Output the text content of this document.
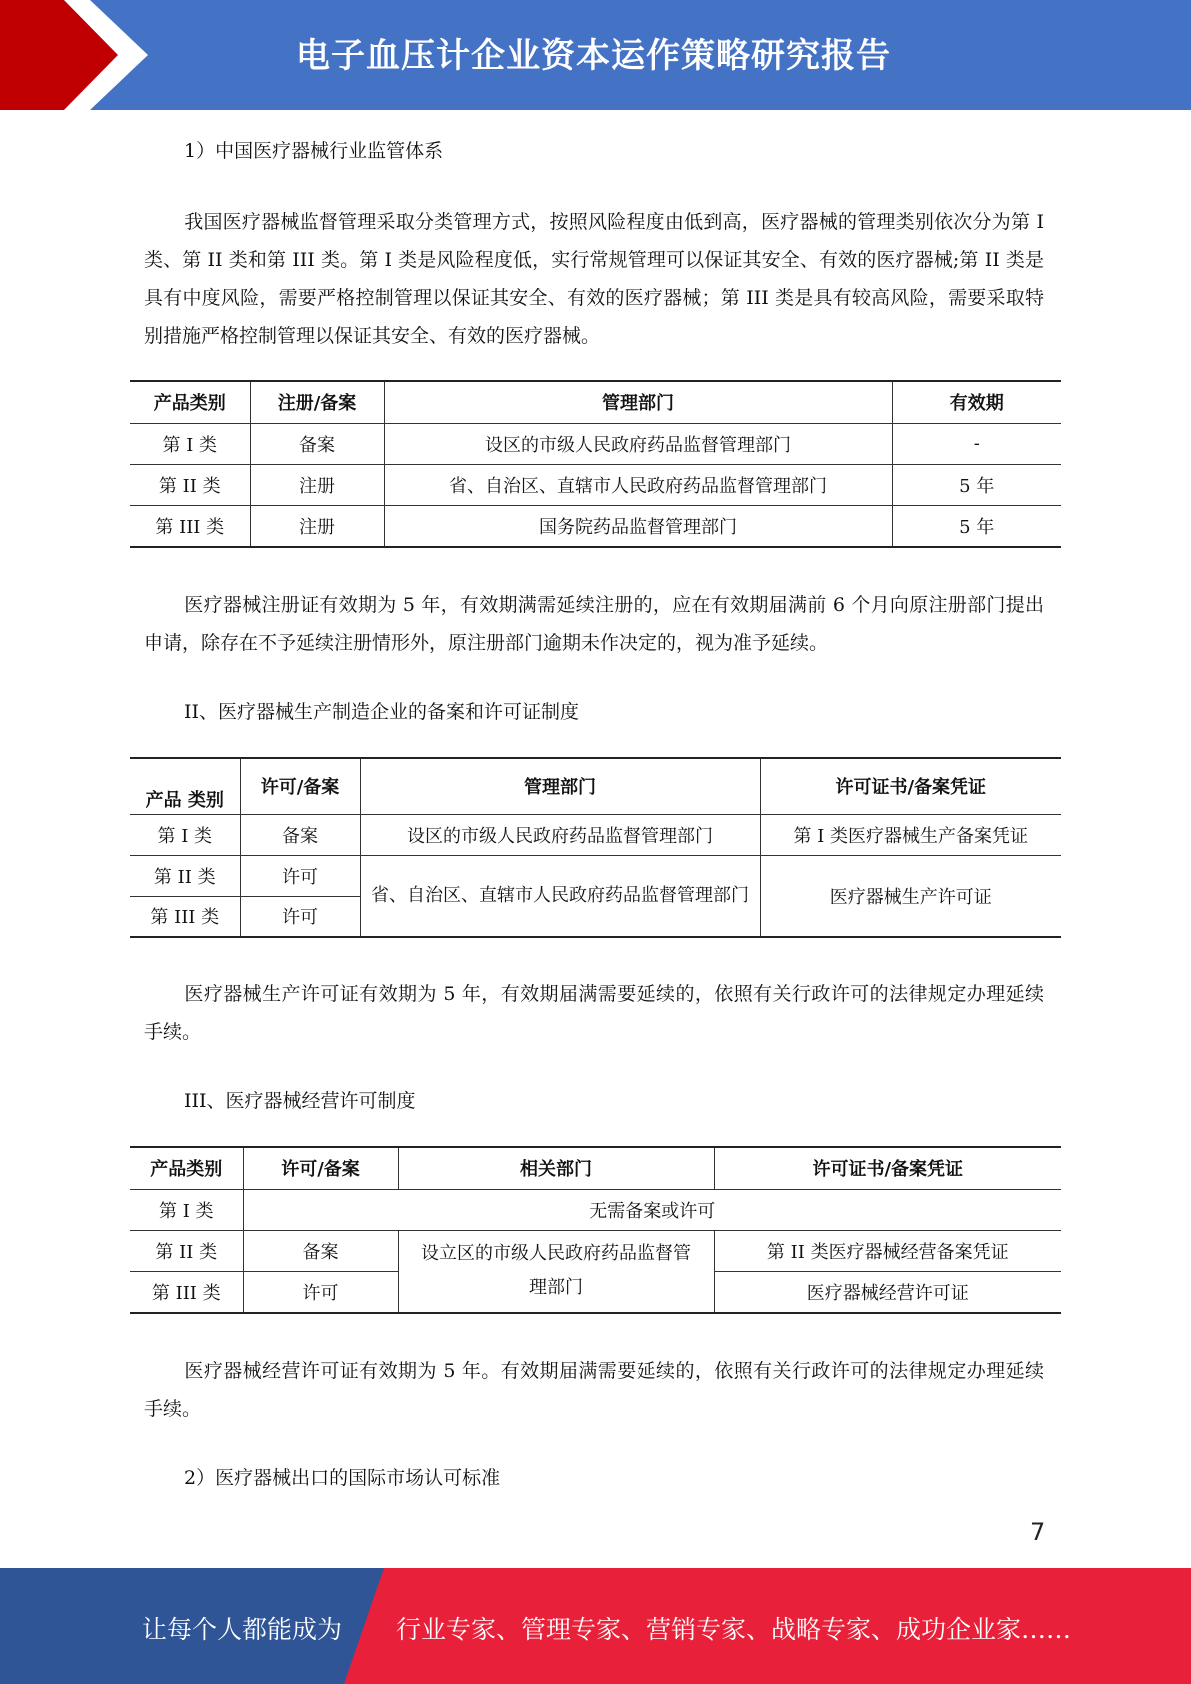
电子血压计企业资本运作策略研究报告
1）中国医疗器械行业监管体系
我国医疗器械监督管理采取分类管理方式，按照风险程度由低到高，医疗器械的管理类别依次分为第 I 类、第 II 类和第 III 类。第 I 类是风险程度低，实行常规管理可以保证其安全、有效的医疗器械;第 II 类是具有中度风险，需要严格控制管理以保证其安全、有效的医疗器械；第 III 类是具有较高风险，需要采取特别措施严格控制管理以保证其安全、有效的医疗器械。
产品类别	注册/备案	管理部门	有效期
第 I 类	备案	设区的市级人民政府药品监督管理部门	-
第 II 类	注册	省、自治区、直辖市人民政府药品监督管理部门	5 年
第 III 类	注册	国务院药品监督管理部门	5 年
医疗器械注册证有效期为 5 年，有效期满需延续注册的，应在有效期届满前 6 个月向原注册部门提出申请，除存在不予延续注册情形外，原注册部门逾期未作决定的，视为准予延续。
II、医疗器械生产制造企业的备案和许可证制度
产品 类别	许可/备案	管理部门	许可证书/备案凭证
第 I 类	备案	设区的市级人民政府药品监督管理部门	第 I 类医疗器械生产备案凭证
第 II 类	许可	省、自治区、直辖市人民政府药品监督管理部门	医疗器械生产许可证
第 III 类	许可		
医疗器械生产许可证有效期为 5 年，有效期届满需要延续的，依照有关行政许可的法律规定办理延续手续。
III、医疗器械经营许可制度
产品类别	许可/备案	相关部门	许可证书/备案凭证
第 I 类	无需备案或许可		
第 II 类	备案	设立区的市级人民政府药品监督管理部门	第 II 类医疗器械经营备案凭证
第 III 类	许可		医疗器械经营许可证
医疗器械经营许可证有效期为 5 年。有效期届满需要延续的，依照有关行政许可的法律规定办理延续手续。
2）医疗器械出口的国际市场认可标准
7
让每个人都能成为 行业专家、管理专家、营销专家、战略专家、成功企业家……
